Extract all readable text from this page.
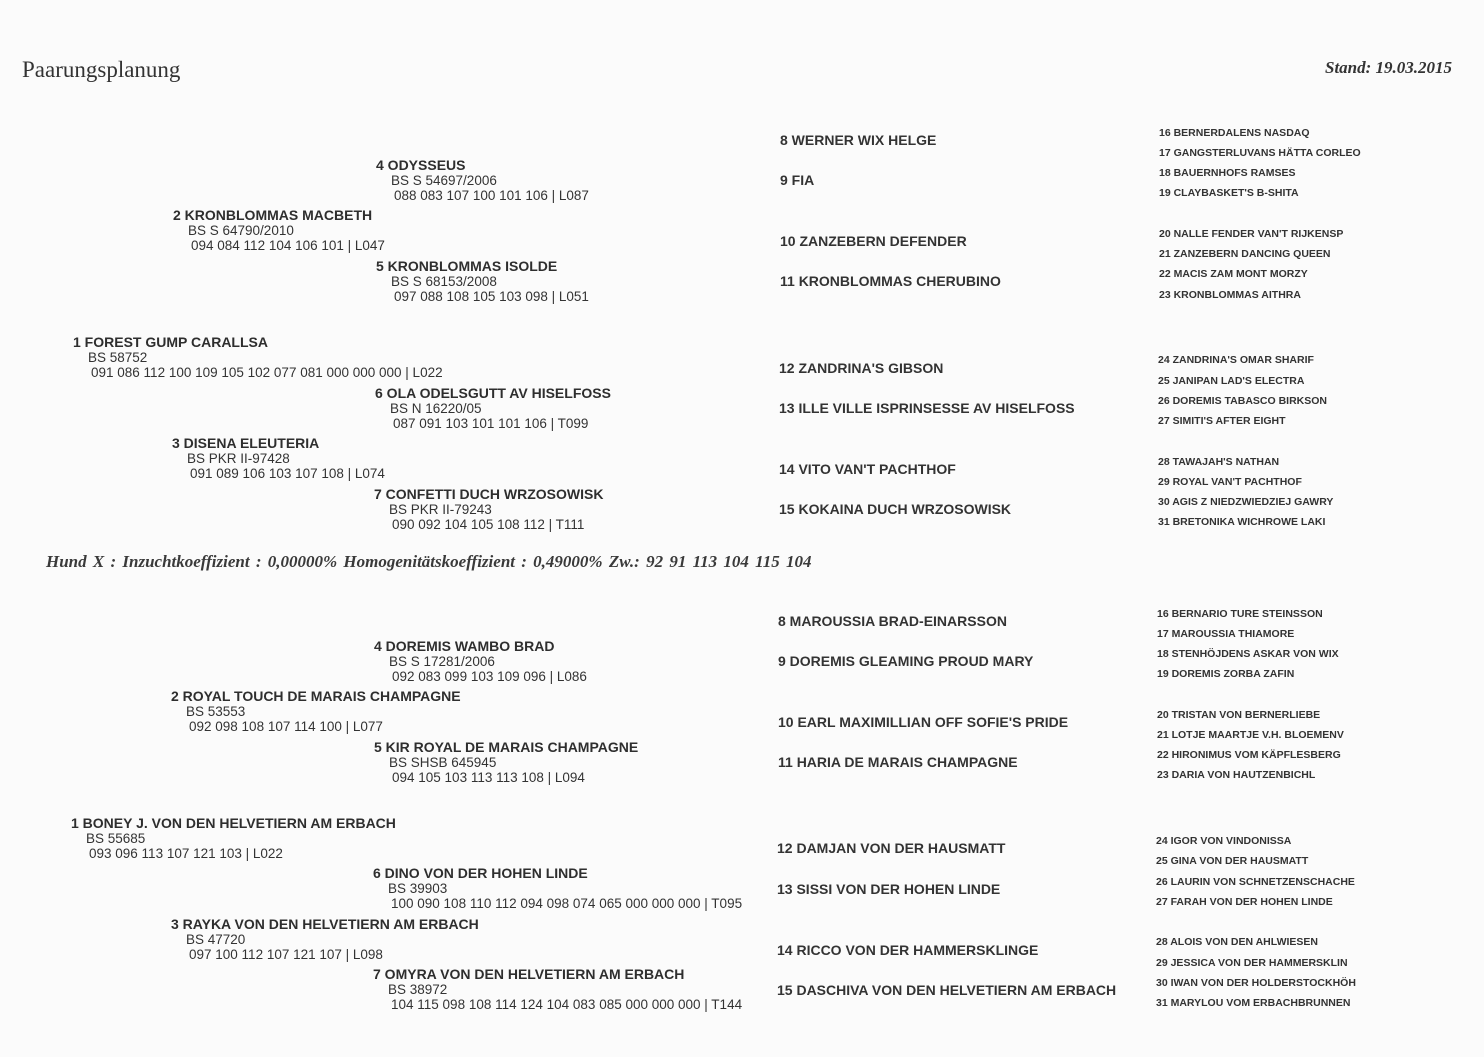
Paarungsplanung	Stand: 19.03.2015
4 ODYSSEUS
BS S 54697/2006
088 083 107 100 101 106 | L087
2 KRONBLOMMAS MACBETH
BS S 64790/2010
094 084 112 104 106 101 | L047
5 KRONBLOMMAS ISOLDE
BS S 68153/2008
097 088 108 105 103 098 | L051
1 FOREST GUMP CARALLSA
BS 58752
091 086 112 100 109 105 102 077 081 000 000 000 | L022
6 OLA ODELSGUTT AV HISELFOSS
BS N 16220/05
087 091 103 101 101 106 | T099
3 DISENA ELEUTERIA
BS PKR II-97428
091 089 106 103 107 108 | L074
7 CONFETTI DUCH WRZOSOWISK
BS PKR II-79243
090 092 104 105 108 112 | T111
8 WERNER WIX HELGE
9 FIA
10 ZANZEBERN DEFENDER
11 KRONBLOMMAS CHERUBINO
12 ZANDRINA'S GIBSON
13 ILLE VILLE ISPRINSESSE AV HISELFOSS
14 VITO VAN'T PACHTHOF
15 KOKAINA DUCH WRZOSOWISK
16 BERNERDALENS NASDAQ
17 GANGSTERLUVANS HÄTTA CORLEO
18 BAUERNHOFS RAMSES
19 CLAYBASKET'S B-SHITA
20 NALLE FENDER VAN'T RIJKENSP
21 ZANZEBERN DANCING QUEEN
22 MACIS ZAM MONT MORZY
23 KRONBLOMMAS AITHRA
24 ZANDRINA'S OMAR SHARIF
25 JANIPAN LAD'S ELECTRA
26 DOREMIS TABASCO BIRKSON
27 SIMITI'S AFTER EIGHT
28 TAWAJAH'S NATHAN
29 ROYAL VAN'T PACHTHOF
30 AGIS Z NIEDZWIEDZIEJ GAWRY
31 BRETONIKA WICHROWE LAKI
Hund X : Inzuchtkoeffizient : 0,00000% Homogenitätskoeffizient : 0,49000% Zw.: 92 91 113 104 115 104
4 DOREMIS WAMBO BRAD
BS S 17281/2006
092 083 099 103 109 096 | L086
2 ROYAL TOUCH DE MARAIS CHAMPAGNE
BS 53553
092 098 108 107 114 100 | L077
5 KIR ROYAL DE MARAIS CHAMPAGNE
BS SHSB 645945
094 105 103 113 113 108 | L094
1 BONEY J. VON DEN HELVETIERN AM ERBACH
BS 55685
093 096 113 107 121 103 | L022
6 DINO VON DER HOHEN LINDE
BS 39903
100 090 108 110 112 094 098 074 065 000 000 000 | T095
3 RAYKA VON DEN HELVETIERN AM ERBACH
BS 47720
097 100 112 107 121 107 | L098
7 OMYRA VON DEN HELVETIERN AM ERBACH
BS 38972
104 115 098 108 114 124 104 083 085 000 000 000 | T144
8 MAROUSSIA BRAD-EINARSSON
9 DOREMIS GLEAMING PROUD MARY
10 EARL MAXIMILLIAN OFF SOFIE'S PRIDE
11 HARIA DE MARAIS CHAMPAGNE
12 DAMJAN VON DER HAUSMATT
13 SISSI VON DER HOHEN LINDE
14 RICCO VON DER HAMMERSKLINGE
15 DASCHIVA VON DEN HELVETIERN AM ERBACH
16 BERNARIO TURE STEINSSON
17 MAROUSSIA THIAMORE
18 STENHÖJDENS ASKAR VON WIX
19 DOREMIS ZORBA ZAFIN
20 TRISTAN VON BERNERLIEBE
21 LOTJE MAARTJE V.H. BLOEMENV
22 HIRONIMUS VOM KÄPFLESBERG
23 DARIA VON HAUTZENBICHL
24 IGOR VON VINDONISSA
25 GINA VON DER HAUSMATT
26 LAURIN VON SCHNETZENSCHACHE
27 FARAH VON DER HOHEN LINDE
28 ALOIS VON DEN AHLWIESEN
29 JESSICA VON DER HAMMERSKLIN
30 IWAN VON DER HOLDERSTOCKHÖH
31 MARYLOU VOM ERBACHBRUNNEN
